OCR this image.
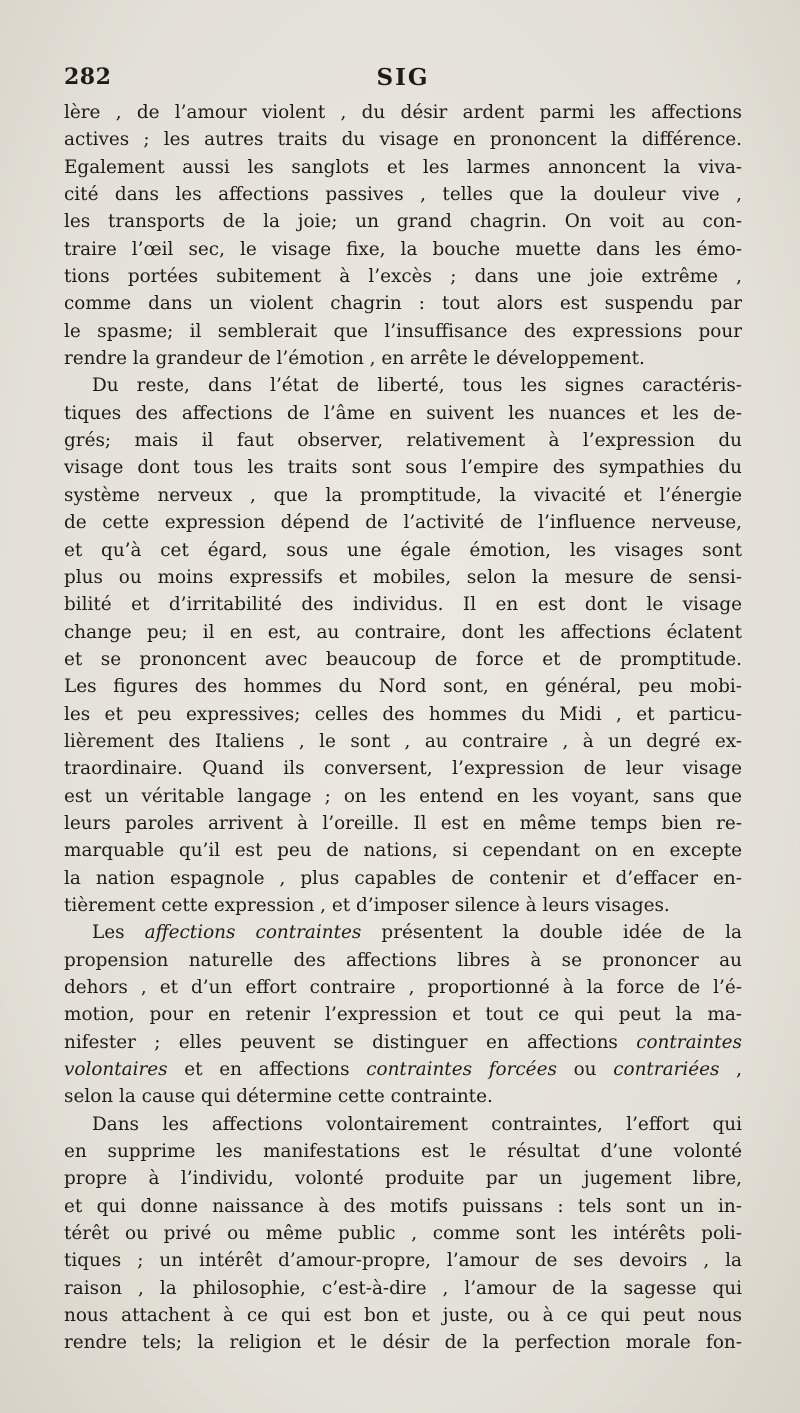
282	SIG
lère , de l’amour violent , du désir ardent parmi les affections
actives ; les autres traits du visage en prononcent la différence.
Egalement aussi les sanglots et les larmes annoncent la viva-
cité dans les affections passives , telles que la douleur vive ,
les transports de la joie; un grand chagrin. On voit au con-
traire l’œil sec, le visage fixe, la bouche muette dans les émo-
tions portées subitement à l’excès ; dans une joie extrême ,
comme dans un violent chagrin : tout alors est suspendu par
le spasme; il semblerait que l’insuffisance des expressions pour
rendre la grandeur de l’émotion , en arrête le développement.
Du reste, dans l’état de liberté, tous les signes caractéris-
tiques des affections de l’âme en suivent les nuances et les de-
grés; mais il faut observer, relativement à l’expression du
visage dont tous les traits sont sous l’empire des sympathies du
système nerveux , que la promptitude, la vivacité et l’énergie
de cette expression dépend de l’activité de l’influence nerveuse,
et qu’à cet égard, sous une égale émotion, les visages sont
plus ou moins expressifs et mobiles, selon la mesure de sensi-
bilité et d’irritabilité des individus. Il en est dont le visage
change peu; il en est, au contraire, dont les affections éclatent
et se prononcent avec beaucoup de force et de promptitude.
Les figures des hommes du Nord sont, en général, peu mobi-
les et peu expressives; celles des hommes du Midi , et particu-
lièrement des Italiens , le sont , au contraire , à un degré ex-
traordinaire. Quand ils conversent, l’expression de leur visage
est un véritable langage ; on les entend en les voyant, sans que
leurs paroles arrivent à l’oreille. Il est en même temps bien re-
marquable qu’il est peu de nations, si cependant on en excepte
la nation espagnole , plus capables de contenir et d’effacer en-
tièrement cette expression , et d’imposer silence à leurs visages.
Les affections contraintes présentent la double idée de la
propension naturelle des affections libres à se prononcer au
dehors , et d’un effort contraire , proportionné à la force de l’é-
motion, pour en retenir l’expression et tout ce qui peut la ma-
nifester ; elles peuvent se distinguer en affections contraintes
volontaires et en affections contraintes forcées ou contrariées ,
selon la cause qui détermine cette contrainte.
Dans les affections volontairement contraintes, l’effort qui
en supprime les manifestations est le résultat d’une volonté
propre à l’individu, volonté produite par un jugement libre,
et qui donne naissance à des motifs puissans : tels sont un in-
térêt ou privé ou même public , comme sont les intérêts poli-
tiques ; un intérêt d’amour-propre, l’amour de ses devoirs , la
raison , la philosophie, c’est-à-dire , l’amour de la sagesse qui
nous attachent à ce qui est bon et juste, ou à ce qui peut nous
rendre tels; la religion et le désir de la perfection morale fon-
